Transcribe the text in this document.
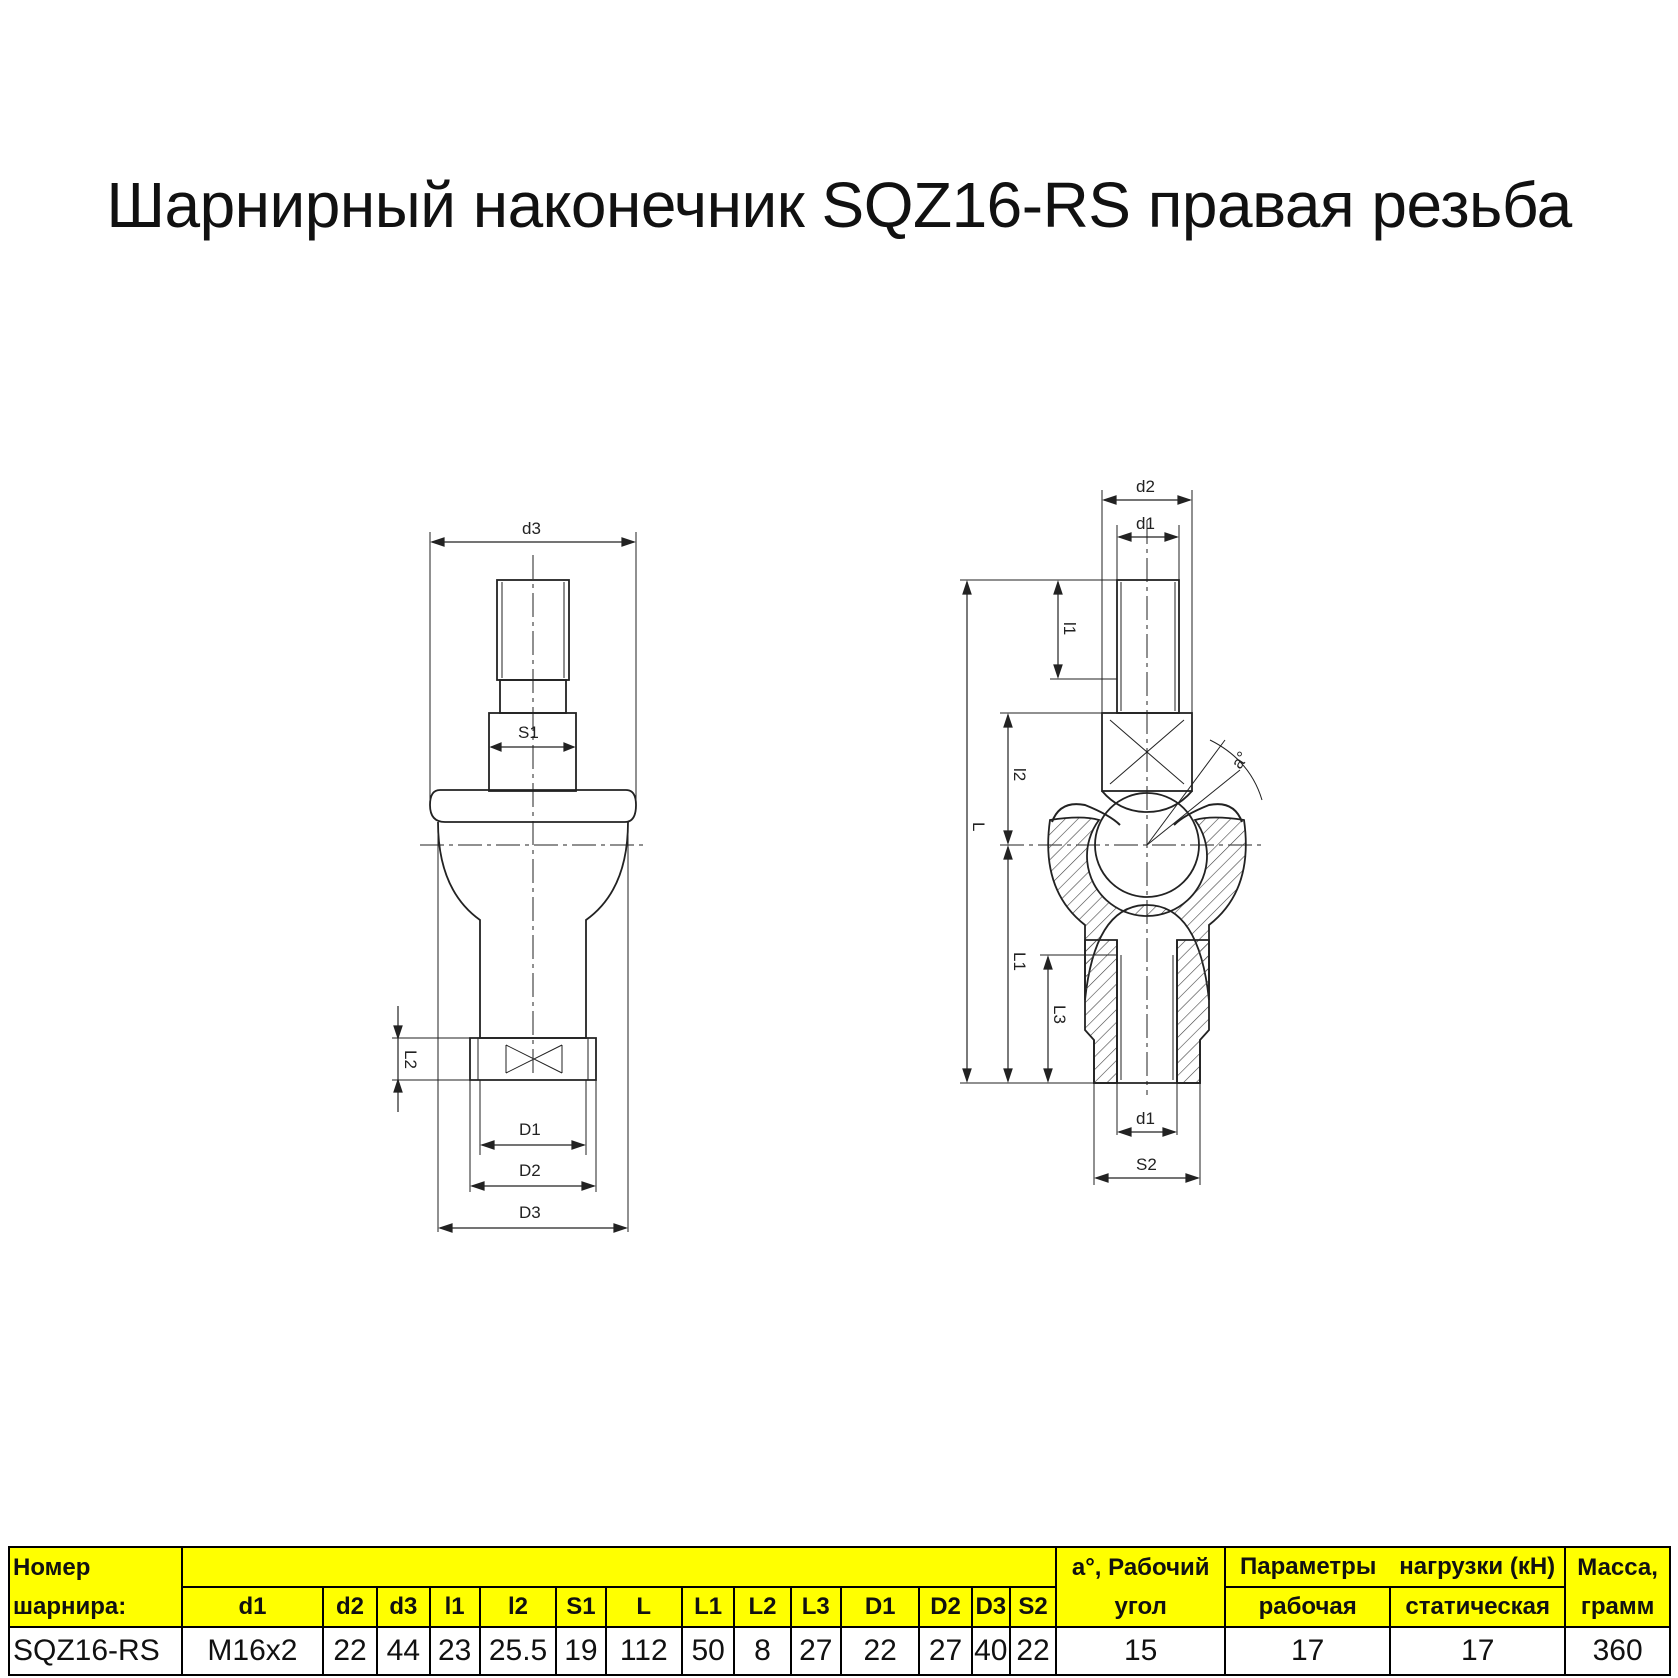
Шарнирный наконечник SQZ16-RS правая резьба
d3
S1
L2
D1
D2
D3
d2
d1
l1
l2
L
L1
L3
a°
d1
S2
Номер															а°, Рабочий	Параметры	нагрузки (кН)	Масса,
шарнира:	d1	d2	d3	l1	l2	S1	L	L1	L2	L3	D1	D2	D3	S2	угол	рабочая	статическая	грамм
SQZ16-RS	M16x2	22	44	23	25.5	19	112	50	8	27	22	27	40	22	15	17	17	360
